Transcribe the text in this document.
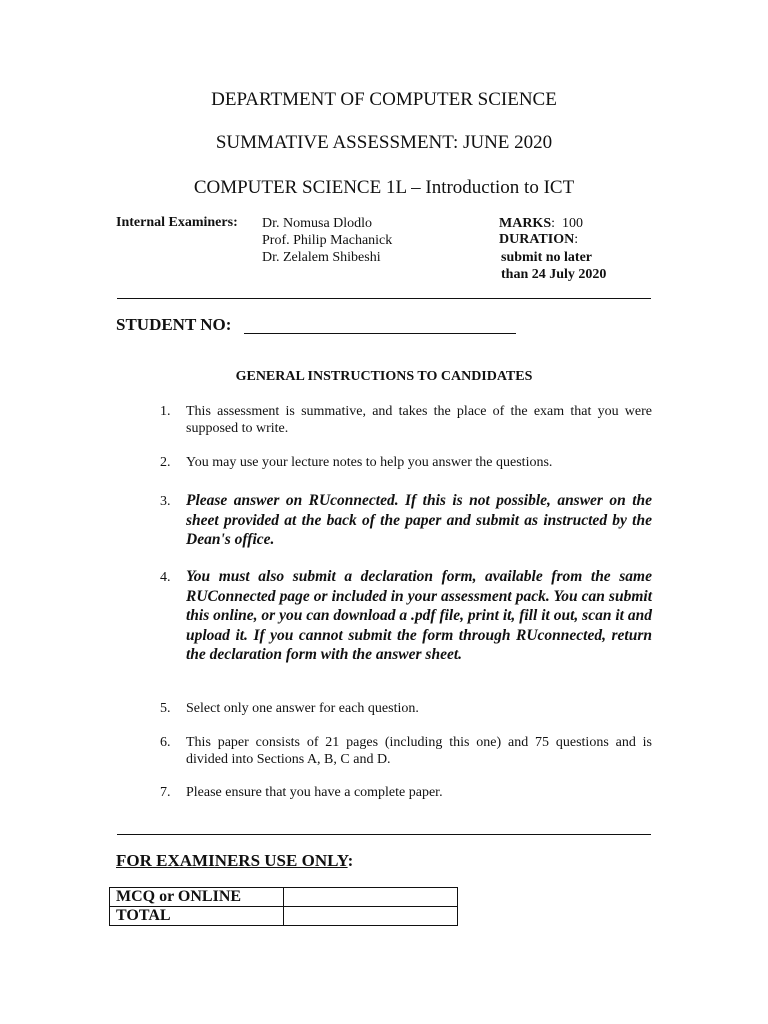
DEPARTMENT OF COMPUTER SCIENCE
SUMMATIVE ASSESSMENT: JUNE 2020
COMPUTER SCIENCE 1L – Introduction to ICT
Internal Examiners: Dr. Nomusa Dlodlo
Prof. Philip Machanick
Dr. Zelalem Shibeshi
MARKS:  100
DURATION:
submit no later
than 24 July 2020
STUDENT NO:
GENERAL INSTRUCTIONS TO CANDIDATES
1.	This assessment is summative, and takes the place of the exam that you were supposed to write.
2.	You may use your lecture notes to help you answer the questions.
3.	Please answer on RUconnected. If this is not possible, answer on the sheet provided at the back of the paper and submit as instructed by the Dean's office.
4.	You must also submit a declaration form, available from the same RUConnected page or included in your assessment pack. You can submit this online, or you can download a .pdf file, print it, fill it out, scan it and upload it. If you cannot submit the form through RUconnected, return the declaration form with the answer sheet.
5.	Select only one answer for each question.
6.	This paper consists of 21 pages (including this one) and 75 questions and is divided into Sections A, B, C and D.
7.	Please ensure that you have a complete paper.
FOR EXAMINERS USE ONLY:
MCQ or ONLINE	
TOTAL	
